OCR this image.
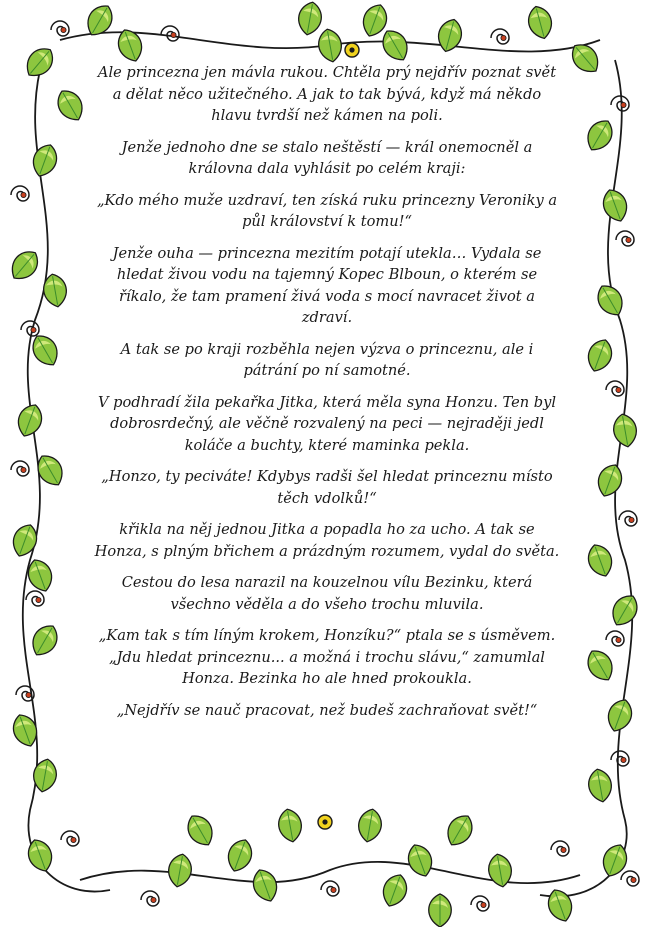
Ale princezna jen mávla rukou. Chtěla prý nejdřív poznat svět a dělat něco užitečného. A jak to tak bývá, když má někdo hlavu tvrdší než kámen na poli.

Jenže jednoho dne se stalo neštěstí — král onemocněl a královna dala vyhlásit po celém kraji:

„Kdo mého muže uzdraví, ten získá ruku princezny Veroniky a půl království k tomu!“

Jenže ouha — princezna mezitím potají utekla… Vydala se hledat živou vodu na tajemný Kopec Blboun, o kterém se říkalo, že tam pramení živá voda s mocí navracet život a zdraví.

A tak se po kraji rozběhla nejen výzva o princeznu, ale i pátrání po ní samotné.

V podhradí žila pekařka Jitka, která měla syna Honzu. Ten byl dobrosrdečný, ale věčně rozvalený na peci — nejraději jedl koláče a buchty, které maminka pekla.

„Honzo, ty peciváte! Kdybys radši šel hledat princeznu místo těch vdolků!“

křikla na něj jednou Jitka a popadla ho za ucho. A tak se Honza, s plným břichem a prázdným rozumem, vydal do světa.

Cestou do lesa narazil na kouzelnou vílu Bezinku, která všechno věděla a do všeho trochu mluvila.

„Kam tak s tím líným krokem, Honzíku?“ ptala se s úsměvem. „Jdu hledat princeznu... a možná i trochu slávu,“ zamumlal Honza. Bezinka ho ale hned prokoukla.

„Nejdřív se nauč pracovat, než budeš zachraňovat svět!“
